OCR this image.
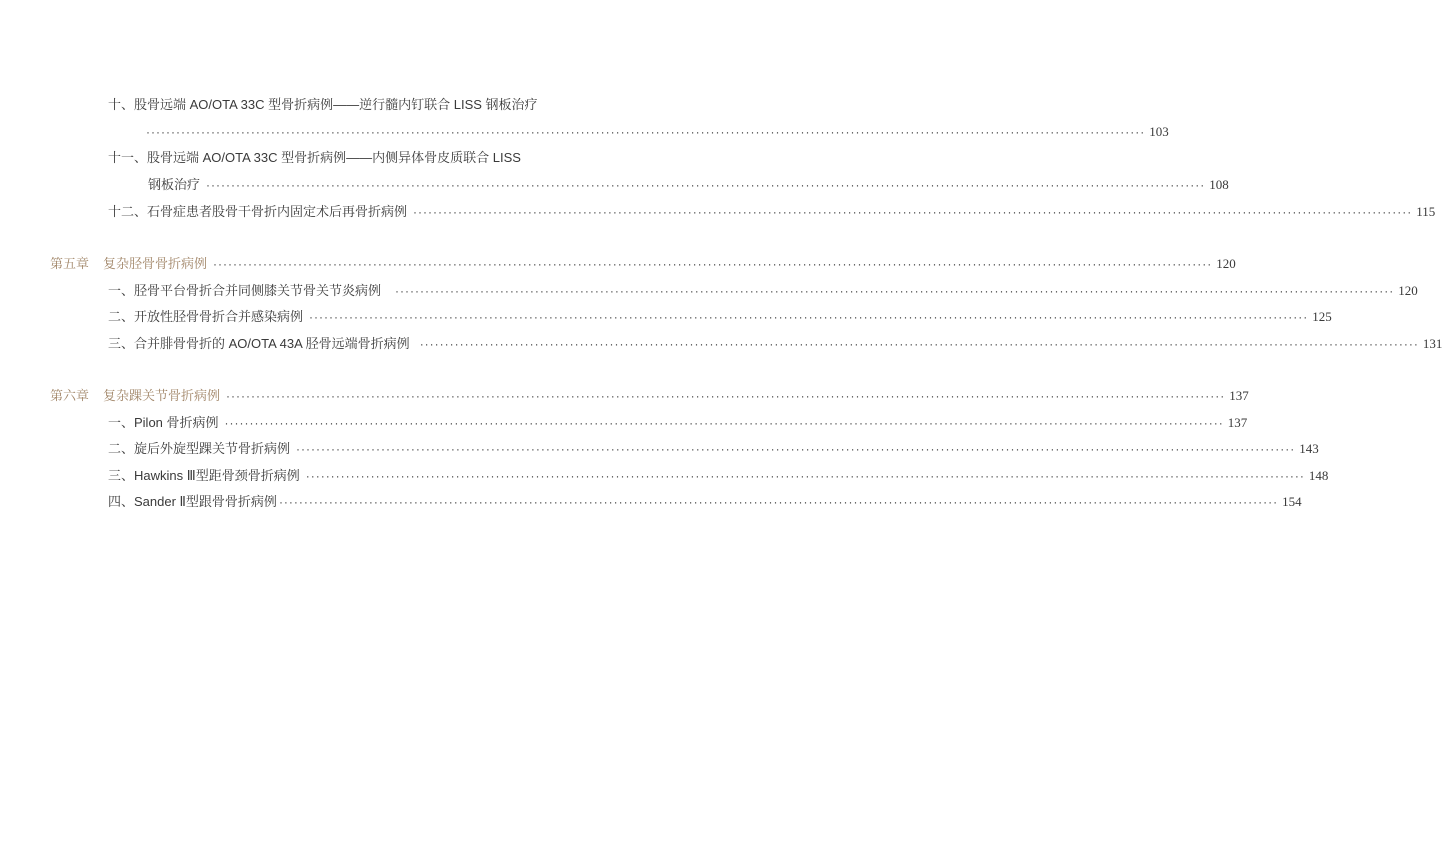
十、股骨远端 AO/OTA 33C 型骨折病例——逆行髓内钉联合 LISS 钢板治疗
········································································································································································································ 103
十一、股骨远端 AO/OTA 33C 型骨折病例——内侧异体骨皮质联合 LISS
钢板治疗 ········································································································································································································ 108
十二、石骨症患者股骨干骨折内固定术后再骨折病例 ········································································································································································································ 115
第五章 复杂胫骨骨折病例 ········································································································································································································ 120
一、胫骨平台骨折合并同侧膝关节骨关节炎病例 ········································································································································································································ 120
二、开放性胫骨骨折合并感染病例 ········································································································································································································ 125
三、合并腓骨骨折的 AO/OTA 43A 胫骨远端骨折病例 ········································································································································································································ 131
第六章 复杂踝关节骨折病例 ········································································································································································································ 137
一、Pilon 骨折病例 ········································································································································································································ 137
二、旋后外旋型踝关节骨折病例 ········································································································································································································ 143
三、Hawkins Ⅲ型距骨颈骨折病例 ········································································································································································································ 148
四、Sander Ⅱ型跟骨骨折病例 ········································································································································································································ 154
